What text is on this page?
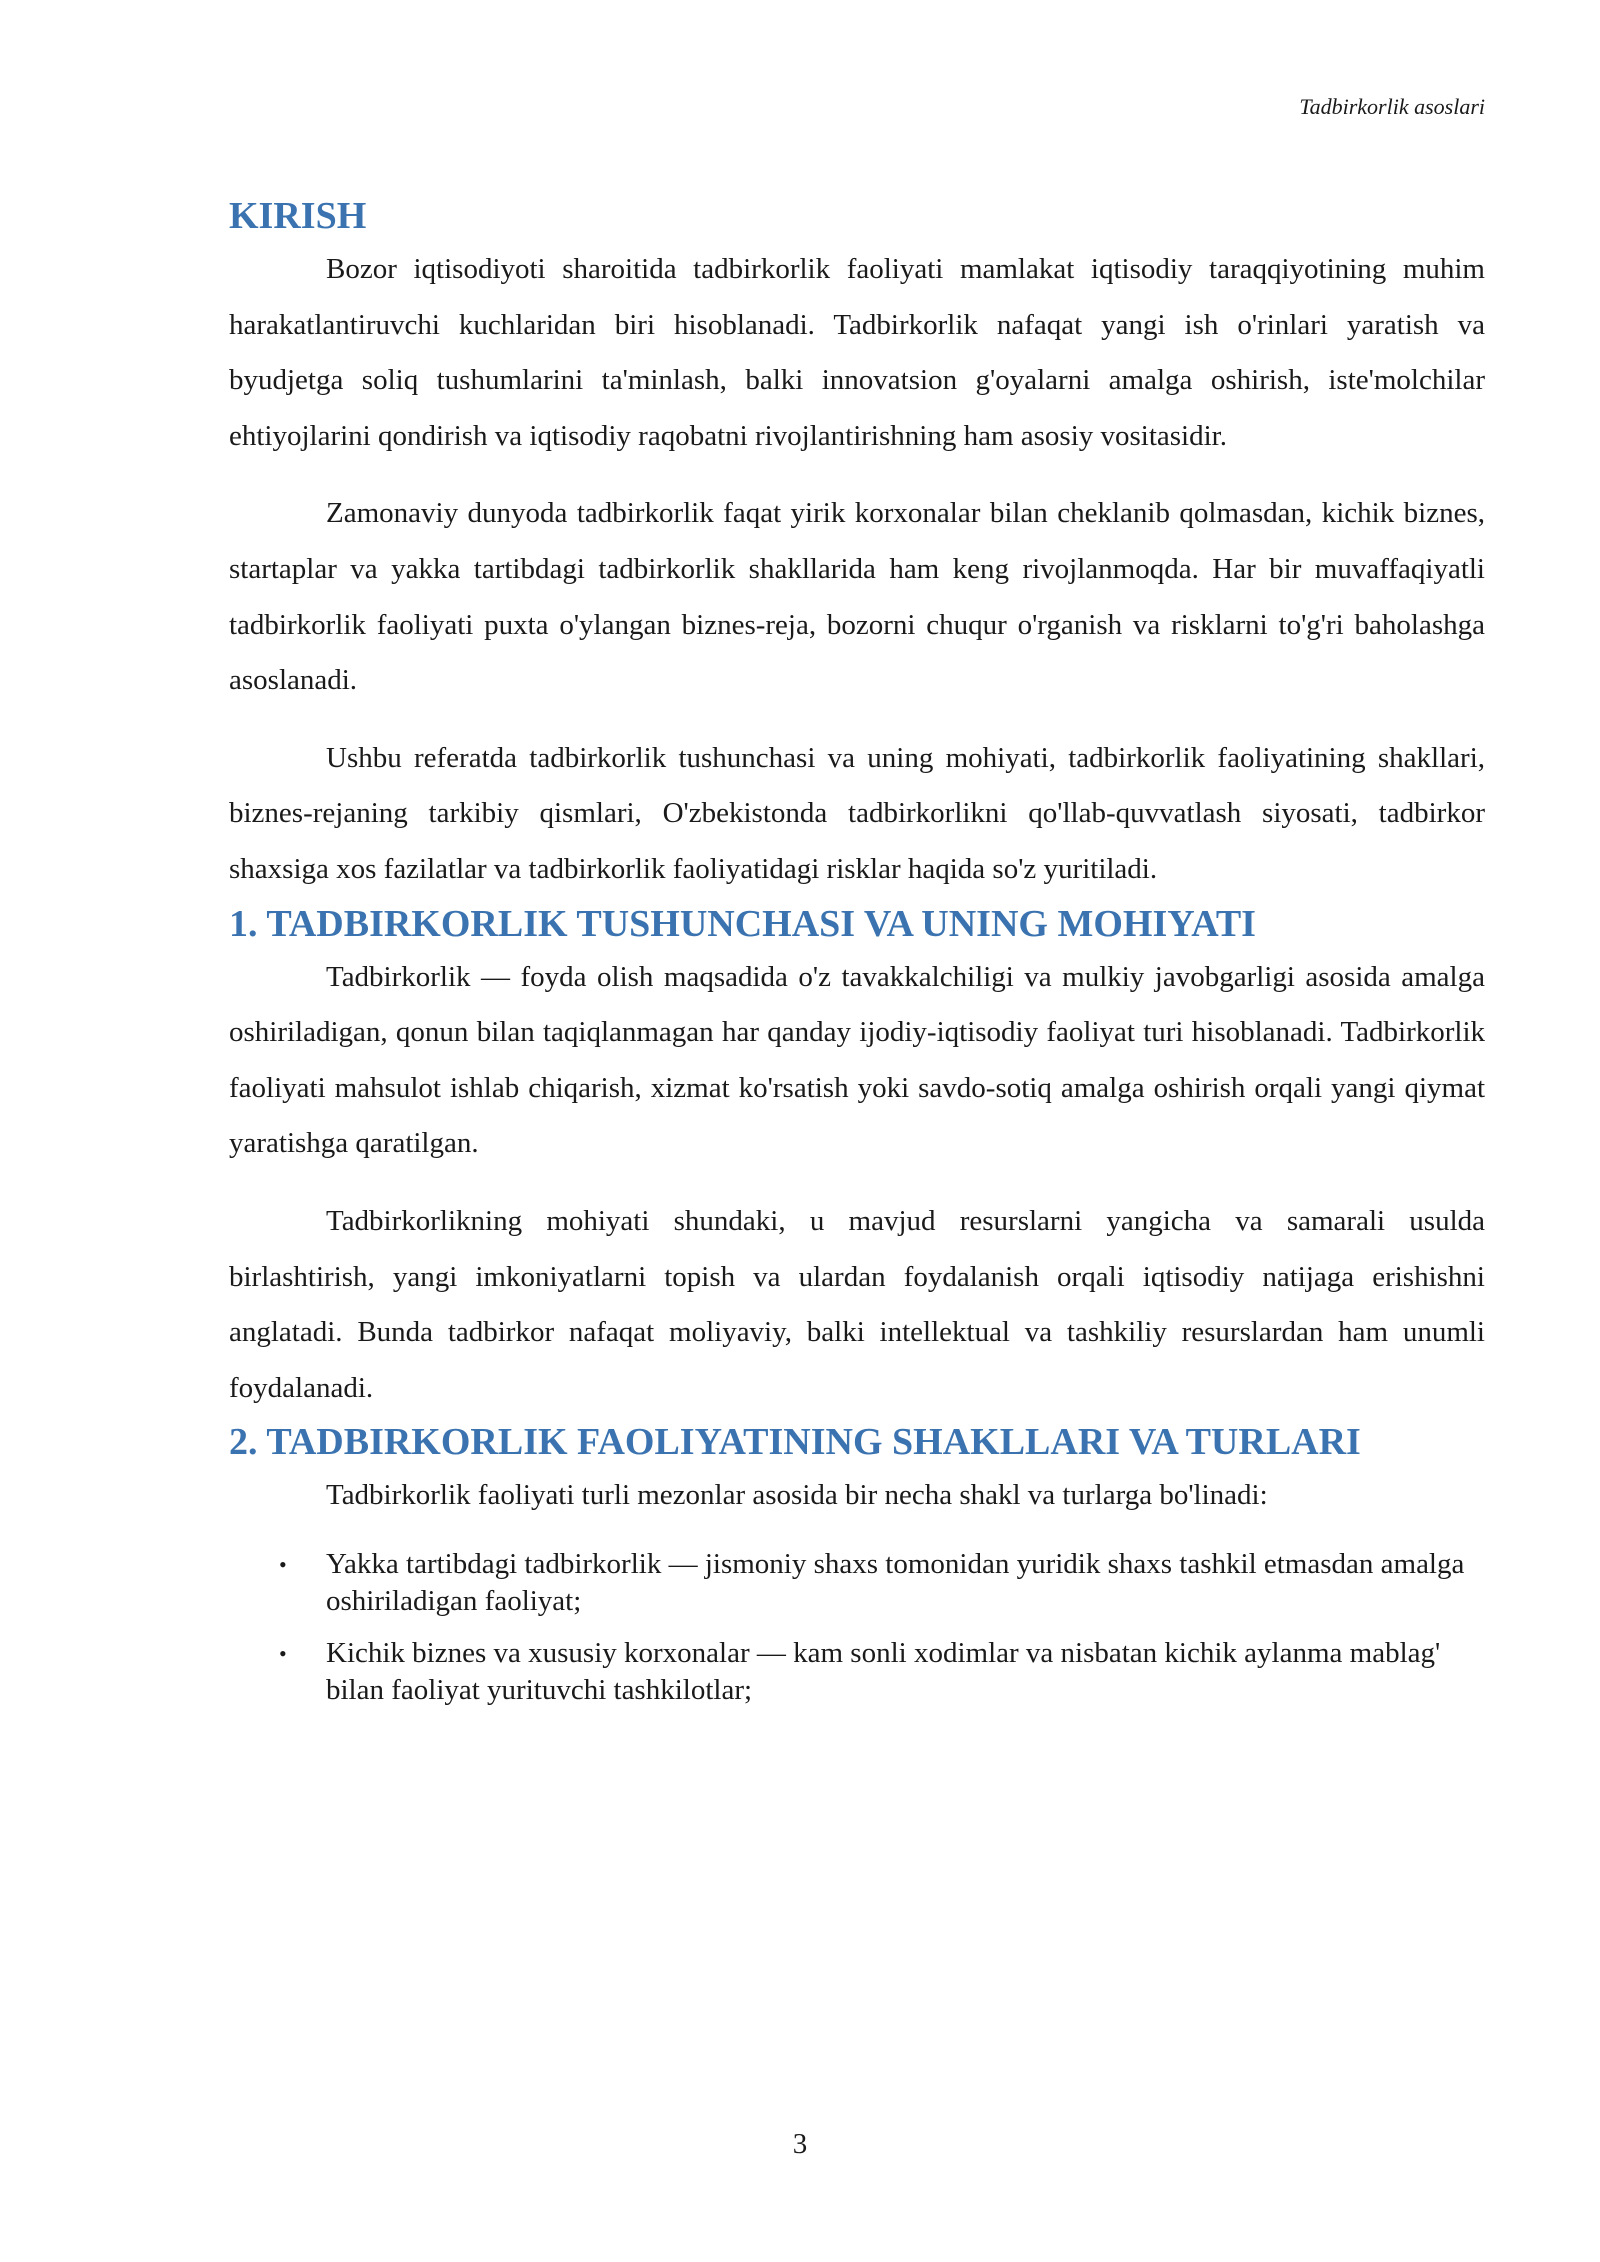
Tadbirkorlik asoslari
KIRISH

Bozor iqtisodiyoti sharoitida tadbirkorlik faoliyati mamlakat iqtisodiy taraqqiyotining muhim harakatlantiruvchi kuchlaridan biri hisoblanadi. Tadbirkorlik nafaqat yangi ish o'rinlari yaratish va byudjetga soliq tushumlarini ta'minlash, balki innovatsion g'oyalarni amalga oshirish, iste'molchilar ehtiyojlarini qondirish va iqtisodiy raqobatni rivojlantirishning ham asosiy vositasidir.

Zamonaviy dunyoda tadbirkorlik faqat yirik korxonalar bilan cheklanib qolmasdan, kichik biznes, startaplar va yakka tartibdagi tadbirkorlik shakllarida ham keng rivojlanmoqda. Har bir muvaffaqiyatli tadbirkorlik faoliyati puxta o'ylangan biznes-reja, bozorni chuqur o'rganish va risklarni to'g'ri baholashga asoslanadi.

Ushbu referatda tadbirkorlik tushunchasi va uning mohiyati, tadbirkorlik faoliyatining shakllari, biznes-rejaning tarkibiy qismlari, O'zbekistonda tadbirkorlikni qo'llab-quvvatlash siyosati, tadbirkor shaxsiga xos fazilatlar va tadbirkorlik faoliyatidagi risklar haqida so'z yuritiladi.

1. TADBIRKORLIK TUSHUNCHASI VA UNING MOHIYATI

Tadbirkorlik — foyda olish maqsadida o'z tavakkalchiligi va mulkiy javobgarligi asosida amalga oshiriladigan, qonun bilan taqiqlanmagan har qanday ijodiy-iqtisodiy faoliyat turi hisoblanadi. Tadbirkorlik faoliyati mahsulot ishlab chiqarish, xizmat ko'rsatish yoki savdo-sotiq amalga oshirish orqali yangi qiymat yaratishga qaratilgan.

Tadbirkorlikning mohiyati shundaki, u mavjud resurslarni yangicha va samarali usulda birlashtirish, yangi imkoniyatlarni topish va ulardan foydalanish orqali iqtisodiy natijaga erishishni anglatadi. Bunda tadbirkor nafaqat moliyaviy, balki intellektual va tashkiliy resurslardan ham unumli foydalanadi.

2. TADBIRKORLIK FAOLIYATINING SHAKLLARI VA TURLARI

Tadbirkorlik faoliyati turli mezonlar asosida bir necha shakl va turlarga bo'linadi:

• Yakka tartibdagi tadbirkorlik — jismoniy shaxs tomonidan yuridik shaxs tashkil etmasdan amalga oshiriladigan faoliyat;
• Kichik biznes va xususiy korxonalar — kam sonli xodimlar va nisbatan kichik aylanma mablag' bilan faoliyat yurituvchi tashkilotlar;
3
